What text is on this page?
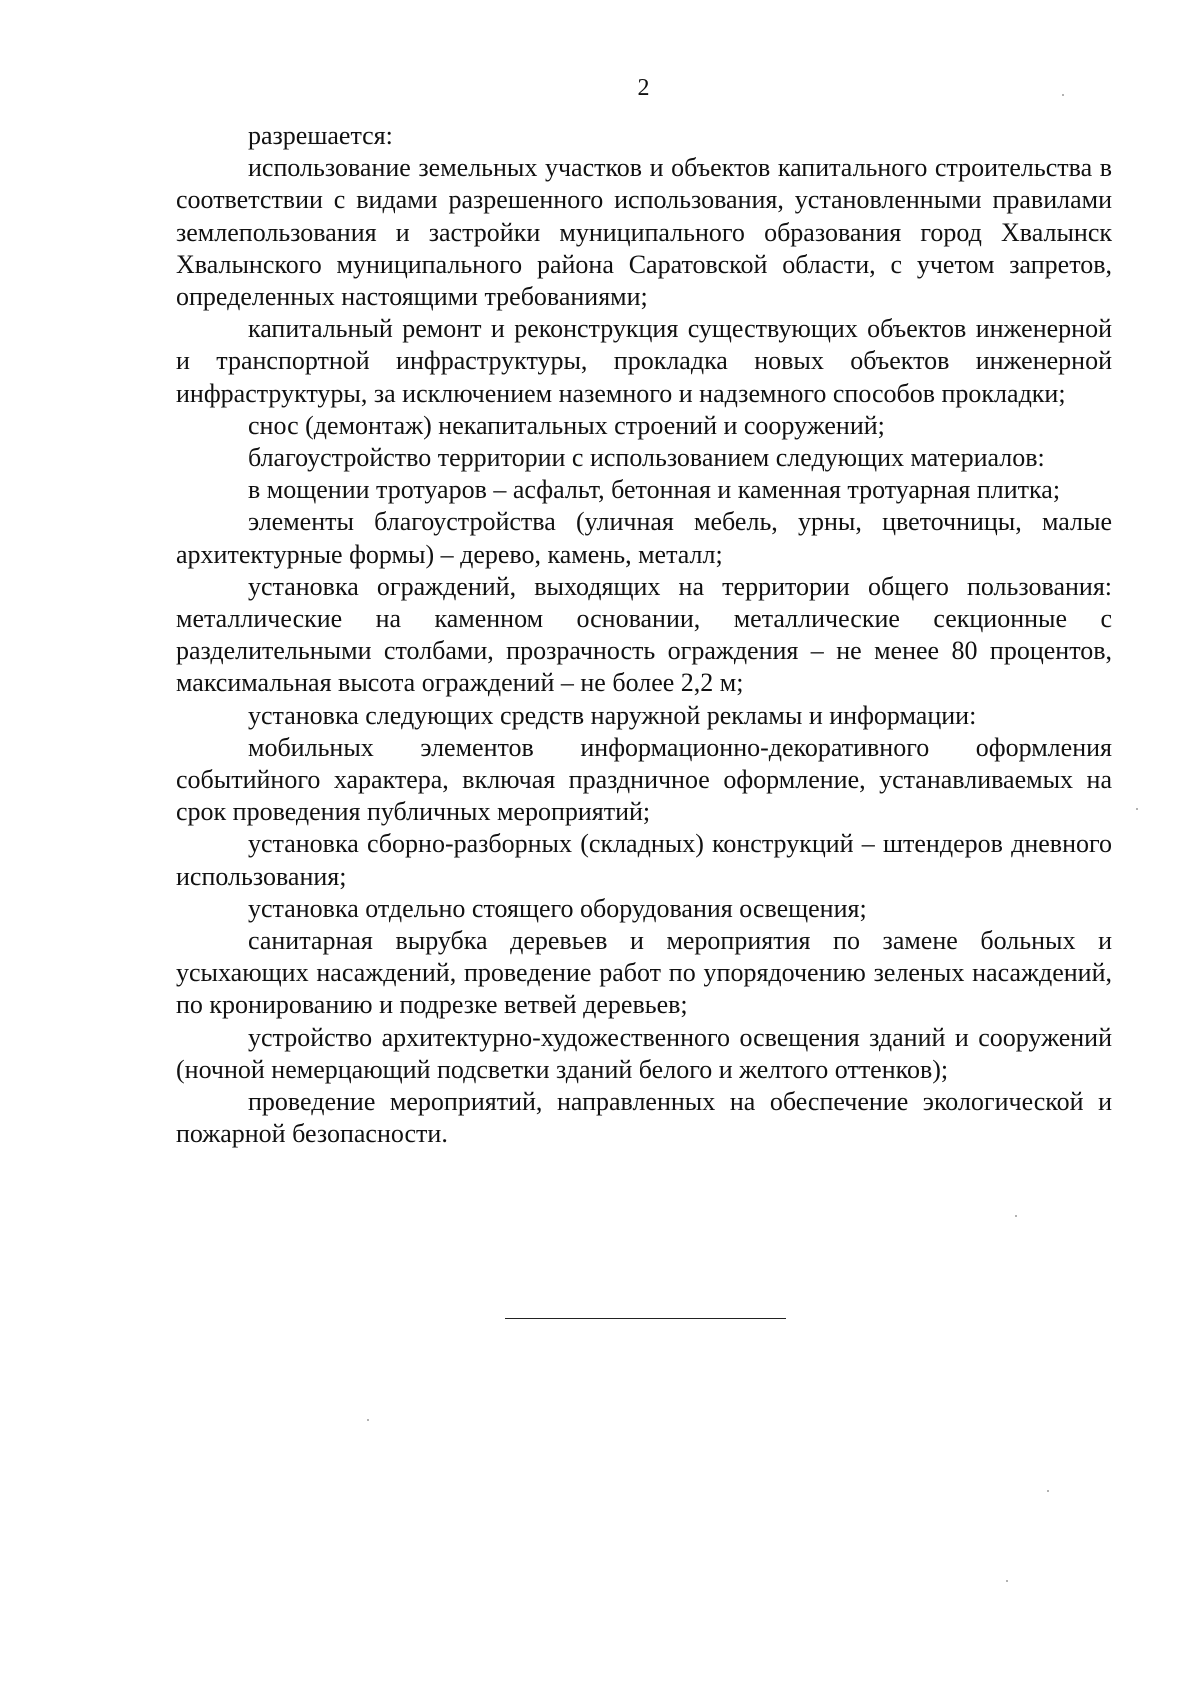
2

разрешается:

использование земельных участков и объектов капитального строительства в соответствии с видами разрешенного использования, установленными правилами землепользования и застройки муниципального образования город Хвалынск Хвалынского муниципального района Саратовской области, с учетом запретов, определенных настоящими требованиями;

капитальный ремонт и реконструкция существующих объектов инженерной и транспортной инфраструктуры, прокладка новых объектов инженерной инфраструктуры, за исключением наземного и надземного способов прокладки;

снос (демонтаж) некапитальных строений и сооружений;

благоустройство территории с использованием следующих материалов:

в мощении тротуаров – асфальт, бетонная и каменная тротуарная плитка;

элементы благоустройства (уличная мебель, урны, цветочницы, малые архитектурные формы) – дерево, камень, металл;

установка ограждений, выходящих на территории общего пользования: металлические на каменном основании, металлические секционные с разделительными столбами, прозрачность ограждения – не менее 80 процентов, максимальная высота ограждений – не более 2,2 м;

установка следующих средств наружной рекламы и информации:

мобильных элементов информационно-декоративного оформления событийного характера, включая праздничное оформление, устанавливаемых на срок проведения публичных мероприятий;

установка сборно-разборных (складных) конструкций – штендеров дневного использования;

установка отдельно стоящего оборудования освещения;

санитарная вырубка деревьев и мероприятия по замене больных и усыхающих насаждений, проведение работ по упорядочению зеленых насаждений, по кронированию и подрезке ветвей деревьев;

устройство архитектурно-художественного освещения зданий и сооружений (ночной немерцающий подсветки зданий белого и желтого оттенков);

проведение мероприятий, направленных на обеспечение экологической и пожарной безопасности.
